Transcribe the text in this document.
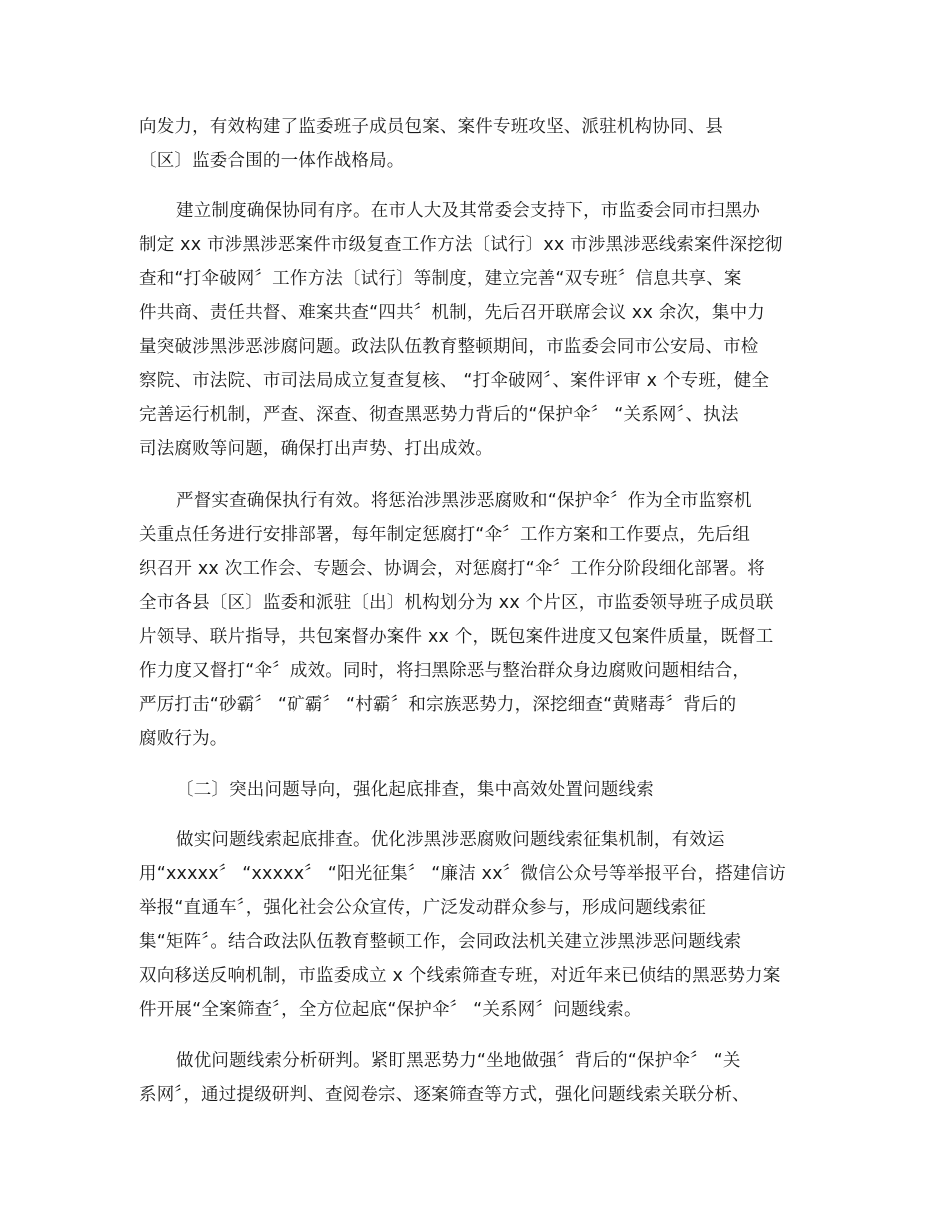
向发力，有效构建了监委班子成员包案、案件专班攻坚、派驻机构协同、县
〔区〕监委合围的一体作战格局。
建立制度确保协同有序。在市人大及其常委会支持下，市监委会同市扫黑办
制定 xx 市涉黑涉恶案件市级复查工作方法〔试行〕xx 市涉黑涉恶线索案件深挖彻
查和“打伞破网〞工作方法〔试行〕等制度，建立完善“双专班〞信息共享、案
件共商、责任共督、难案共查“四共〞机制，先后召开联席会议 xx 余次，集中力
量突破涉黑涉恶涉腐问题。政法队伍教育整顿期间，市监委会同市公安局、市检
察院、市法院、市司法局成立复查复核、 “打伞破网〞、案件评审 x 个专班，健全
完善运行机制，严查、深查、彻查黑恶势力背后的“保护伞〞 “关系网〞、执法
司法腐败等问题，确保打出声势、打出成效。
严督实查确保执行有效。将惩治涉黑涉恶腐败和“保护伞〞作为全市监察机
关重点任务进行安排部署，每年制定惩腐打“伞〞工作方案和工作要点，先后组
织召开 xx 次工作会、专题会、协调会，对惩腐打“伞〞工作分阶段细化部署。将
全市各县〔区〕监委和派驻〔出〕机构划分为 xx 个片区，市监委领导班子成员联
片领导、联片指导，共包案督办案件 xx 个，既包案件进度又包案件质量，既督工
作力度又督打“伞〞成效。同时，将扫黑除恶与整治群众身边腐败问题相结合，
严厉打击“砂霸〞 “矿霸〞 “村霸〞和宗族恶势力，深挖细查“黄赌毒〞背后的
腐败行为。
〔二〕突出问题导向，强化起底排查，集中高效处置问题线索
做实问题线索起底排查。优化涉黑涉恶腐败问题线索征集机制，有效运
用“xxxxx〞 “xxxxx〞 “阳光征集〞 “廉洁 xx〞微信公众号等举报平台，搭建信访
举报“直通车〞，强化社会公众宣传，广泛发动群众参与，形成问题线索征
集“矩阵〞。结合政法队伍教育整顿工作，会同政法机关建立涉黑涉恶问题线索
双向移送反响机制，市监委成立 x 个线索筛查专班，对近年来已侦结的黑恶势力案
件开展“全案筛查〞，全方位起底“保护伞〞 “关系网〞问题线索。
做优问题线索分析研判。紧盯黑恶势力“坐地做强〞背后的“保护伞〞 “关
系网〞，通过提级研判、查阅卷宗、逐案筛查等方式，强化问题线索关联分析、
